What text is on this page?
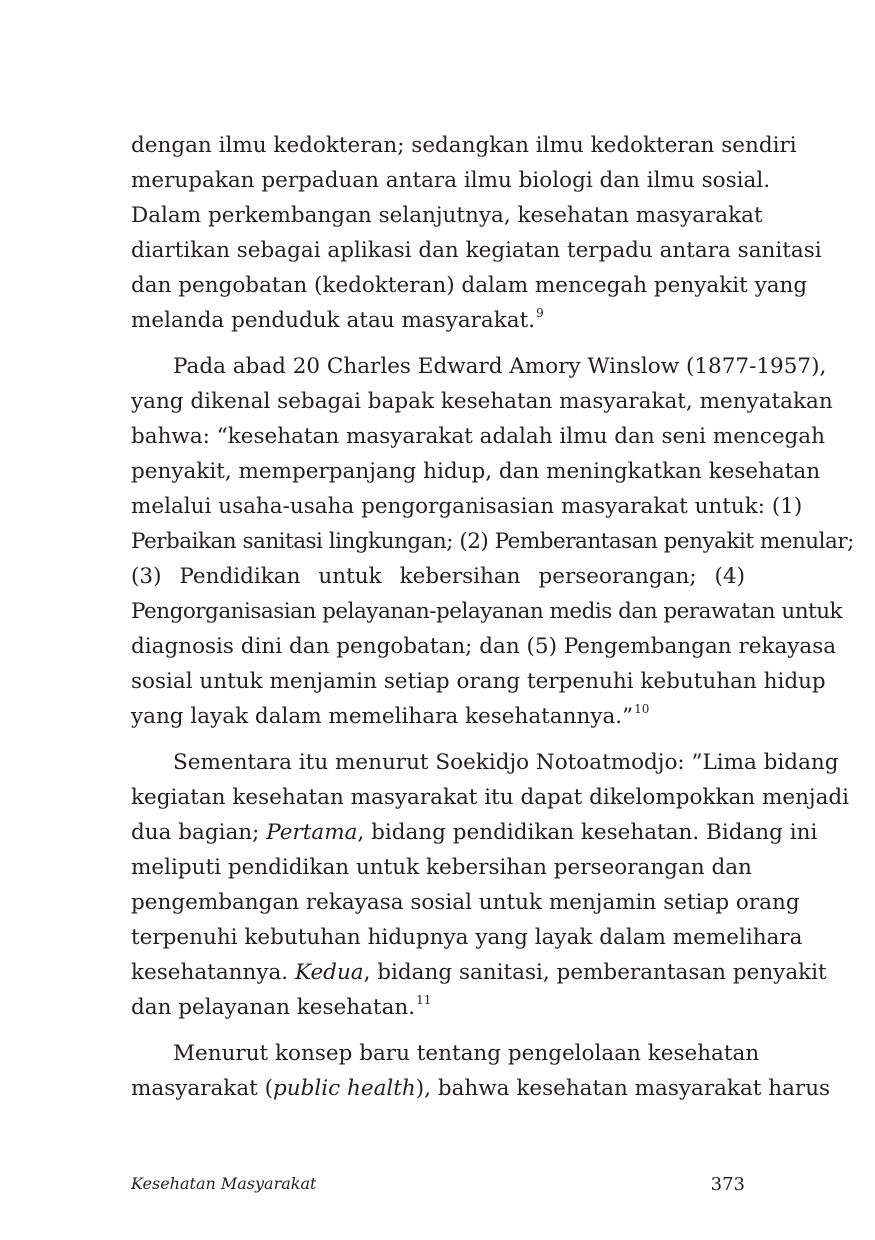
dengan ilmu kedokteran; sedangkan ilmu kedokteran sendiri
merupakan perpaduan antara ilmu biologi dan ilmu sosial.
Dalam perkembangan selanjutnya, kesehatan masyarakat
diartikan sebagai aplikasi dan kegiatan terpadu antara sanitasi
dan pengobatan (kedokteran) dalam mencegah penyakit yang
melanda penduduk atau masyarakat.$^9$

Pada abad 20 Charles Edward Amory Winslow (1877-1957),
yang dikenal sebagai bapak kesehatan masyarakat, menyatakan
bahwa: “kesehatan masyarakat adalah ilmu dan seni mencegah
penyakit, memperpanjang hidup, dan meningkatkan kesehatan
melalui usaha-usaha pengorganisasian masyarakat untuk: (1)
Perbaikan sanitasi lingkungan; (2) Pemberantasan penyakit menular;
(3) Pendidikan untuk kebersihan perseorangan; (4)
Pengorganisasian pelayanan-pelayanan medis dan perawatan untuk
diagnosis dini dan pengobatan; dan (5) Pengembangan rekayasa
sosial untuk menjamin setiap orang terpenuhi kebutuhan hidup
yang layak dalam memelihara kesehatannya.”$^{10}$

Sementara itu menurut Soekidjo Notoatmodjo: ”Lima bidang
kegiatan kesehatan masyarakat itu dapat dikelompokkan menjadi
dua bagian; Pertama, bidang pendidikan kesehatan. Bidang ini
meliputi pendidikan untuk kebersihan perseorangan dan
pengembangan rekayasa sosial untuk menjamin setiap orang
terpenuhi kebutuhan hidupnya yang layak dalam memelihara
kesehatannya. Kedua, bidang sanitasi, pemberantasan penyakit
dan pelayanan kesehatan.$^{11}$

Menurut konsep baru tentang pengelolaan kesehatan
masyarakat (public health), bahwa kesehatan masyarakat harus

Kesehatan Masyarakat	373
